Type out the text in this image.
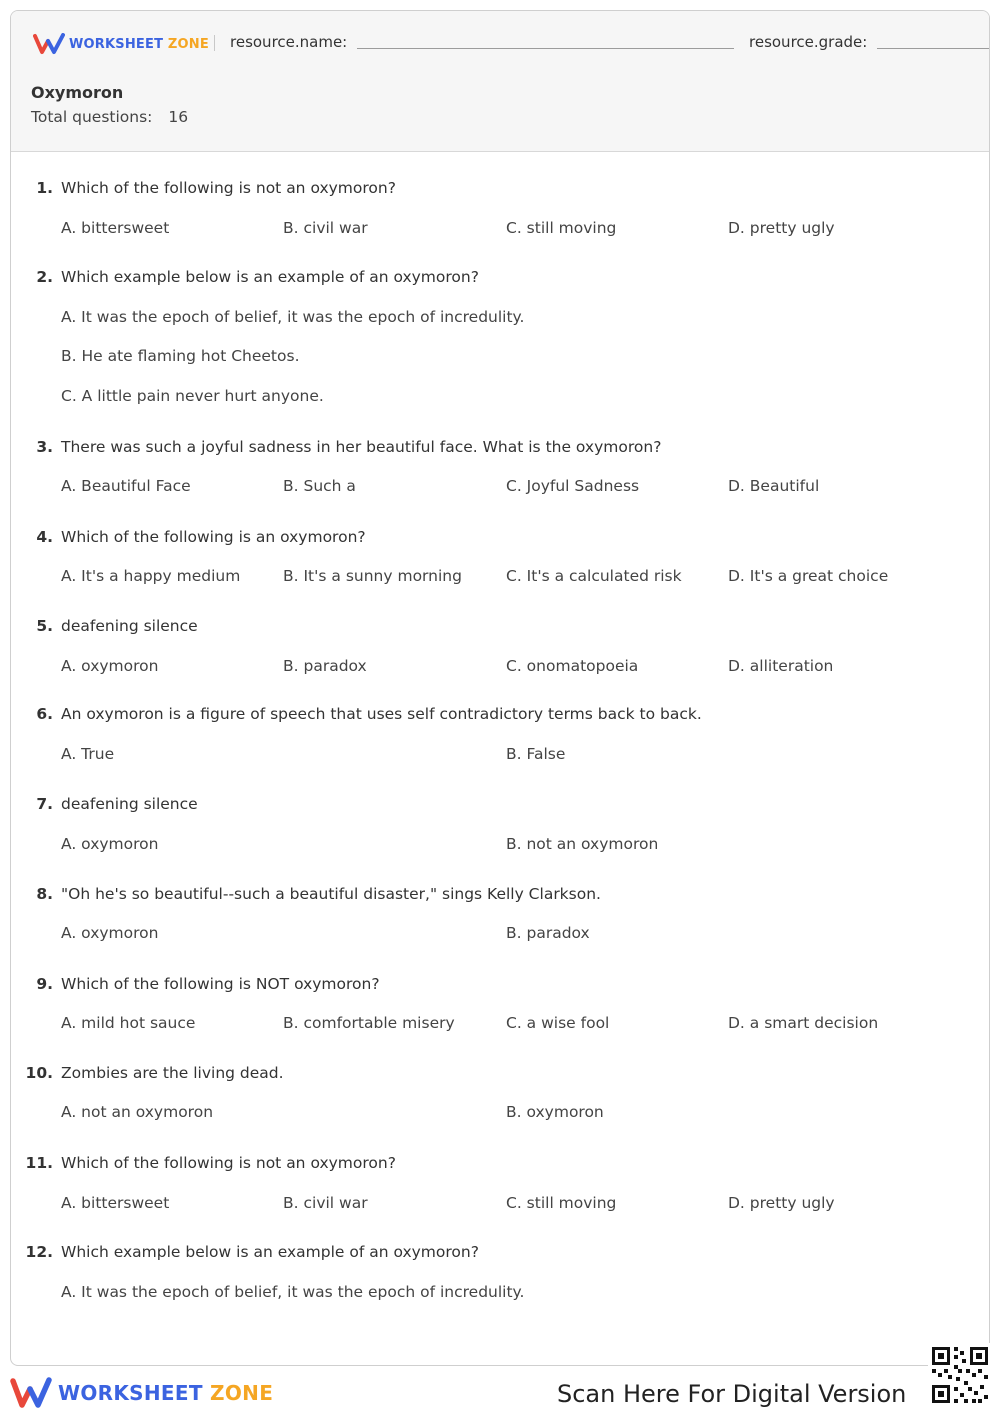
WORKSHEET ZONE resource.name:	resource.grade:
Oxymoron
Total questions: 16
1. Which of the following is not an oxymoron?
A. bittersweet	B. civil war	C. still moving	D. pretty ugly
2. Which example below is an example of an oxymoron?
A. It was the epoch of belief, it was the epoch of incredulity.
B. He ate flaming hot Cheetos.
C. A little pain never hurt anyone.
3. There was such a joyful sadness in her beautiful face. What is the oxymoron?
A. Beautiful Face	B. Such a	C. Joyful Sadness	D. Beautiful
4. Which of the following is an oxymoron?
A. It's a happy medium	B. It's a sunny morning	C. It's a calculated risk	D. It's a great choice
5. deafening silence
A. oxymoron	B. paradox	C. onomatopoeia	D. alliteration
6. An oxymoron is a figure of speech that uses self contradictory terms back to back.
A. True	B. False
7. deafening silence
A. oxymoron	B. not an oxymoron
8. "Oh he's so beautiful--such a beautiful disaster," sings Kelly Clarkson.
A. oxymoron	B. paradox
9. Which of the following is NOT oxymoron?
A. mild hot sauce	B. comfortable misery	C. a wise fool	D. a smart decision
10. Zombies are the living dead.
A. not an oxymoron	B. oxymoron
11. Which of the following is not an oxymoron?
A. bittersweet	B. civil war	C. still moving	D. pretty ugly
12. Which example below is an example of an oxymoron?
A. It was the epoch of belief, it was the epoch of incredulity.
WORKSHEET ZONE	Scan Here For Digital Version
